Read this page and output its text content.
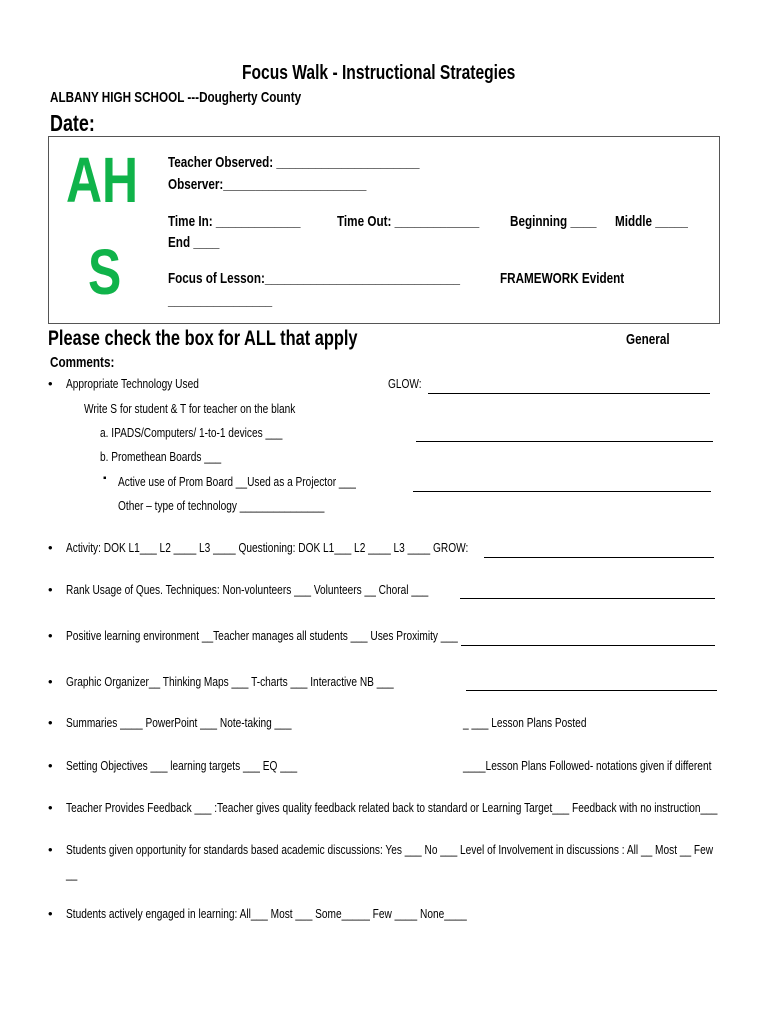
Focus Walk - Instructional Strategies
ALBANY HIGH SCHOOL ---Dougherty County
Date:
AH
S
Teacher Observed: ______________________
Observer:______________________
Time In: _____________ Time Out: _____________ Beginning ____ Middle _____
End ____
Focus of Lesson:______________________________	FRAMEWORK Evident
________________
Please check the box for ALL that apply	General
Comments:
• Appropriate Technology Used	GLOW:
Write S for student & T for teacher on the blank
a. IPADS/Computers/ 1-to-1 devices ___
b. Promethean Boards ___
▪ Active use of Prom Board __Used as a Projector ___
Other – type of technology _______________
• Activity: DOK L1___ L2 ____ L3 ____ Questioning: DOK L1___ L2 ____ L3 ____ GROW:
• Rank Usage of Ques. Techniques: Non-volunteers ___ Volunteers __ Choral ___
• Positive learning environment __Teacher manages all students ___ Uses Proximity ___
• Graphic Organizer__ Thinking Maps ___ T-charts ___ Interactive NB ___
• Summaries ____ PowerPoint ___ Note-taking ___	_ ___ Lesson Plans Posted
• Setting Objectives ___ learning targets ___ EQ ___	____Lesson Plans Followed- notations given if different
• Teacher Provides Feedback ___ :Teacher gives quality feedback related back to standard or Learning Target___ Feedback with no instruction___
• Students given opportunity for standards based academic discussions: Yes ___ No ___ Level of Involvement in discussions : All __ Most __ Few
__
• Students actively engaged in learning: All___ Most ___ Some_____ Few ____ None____
